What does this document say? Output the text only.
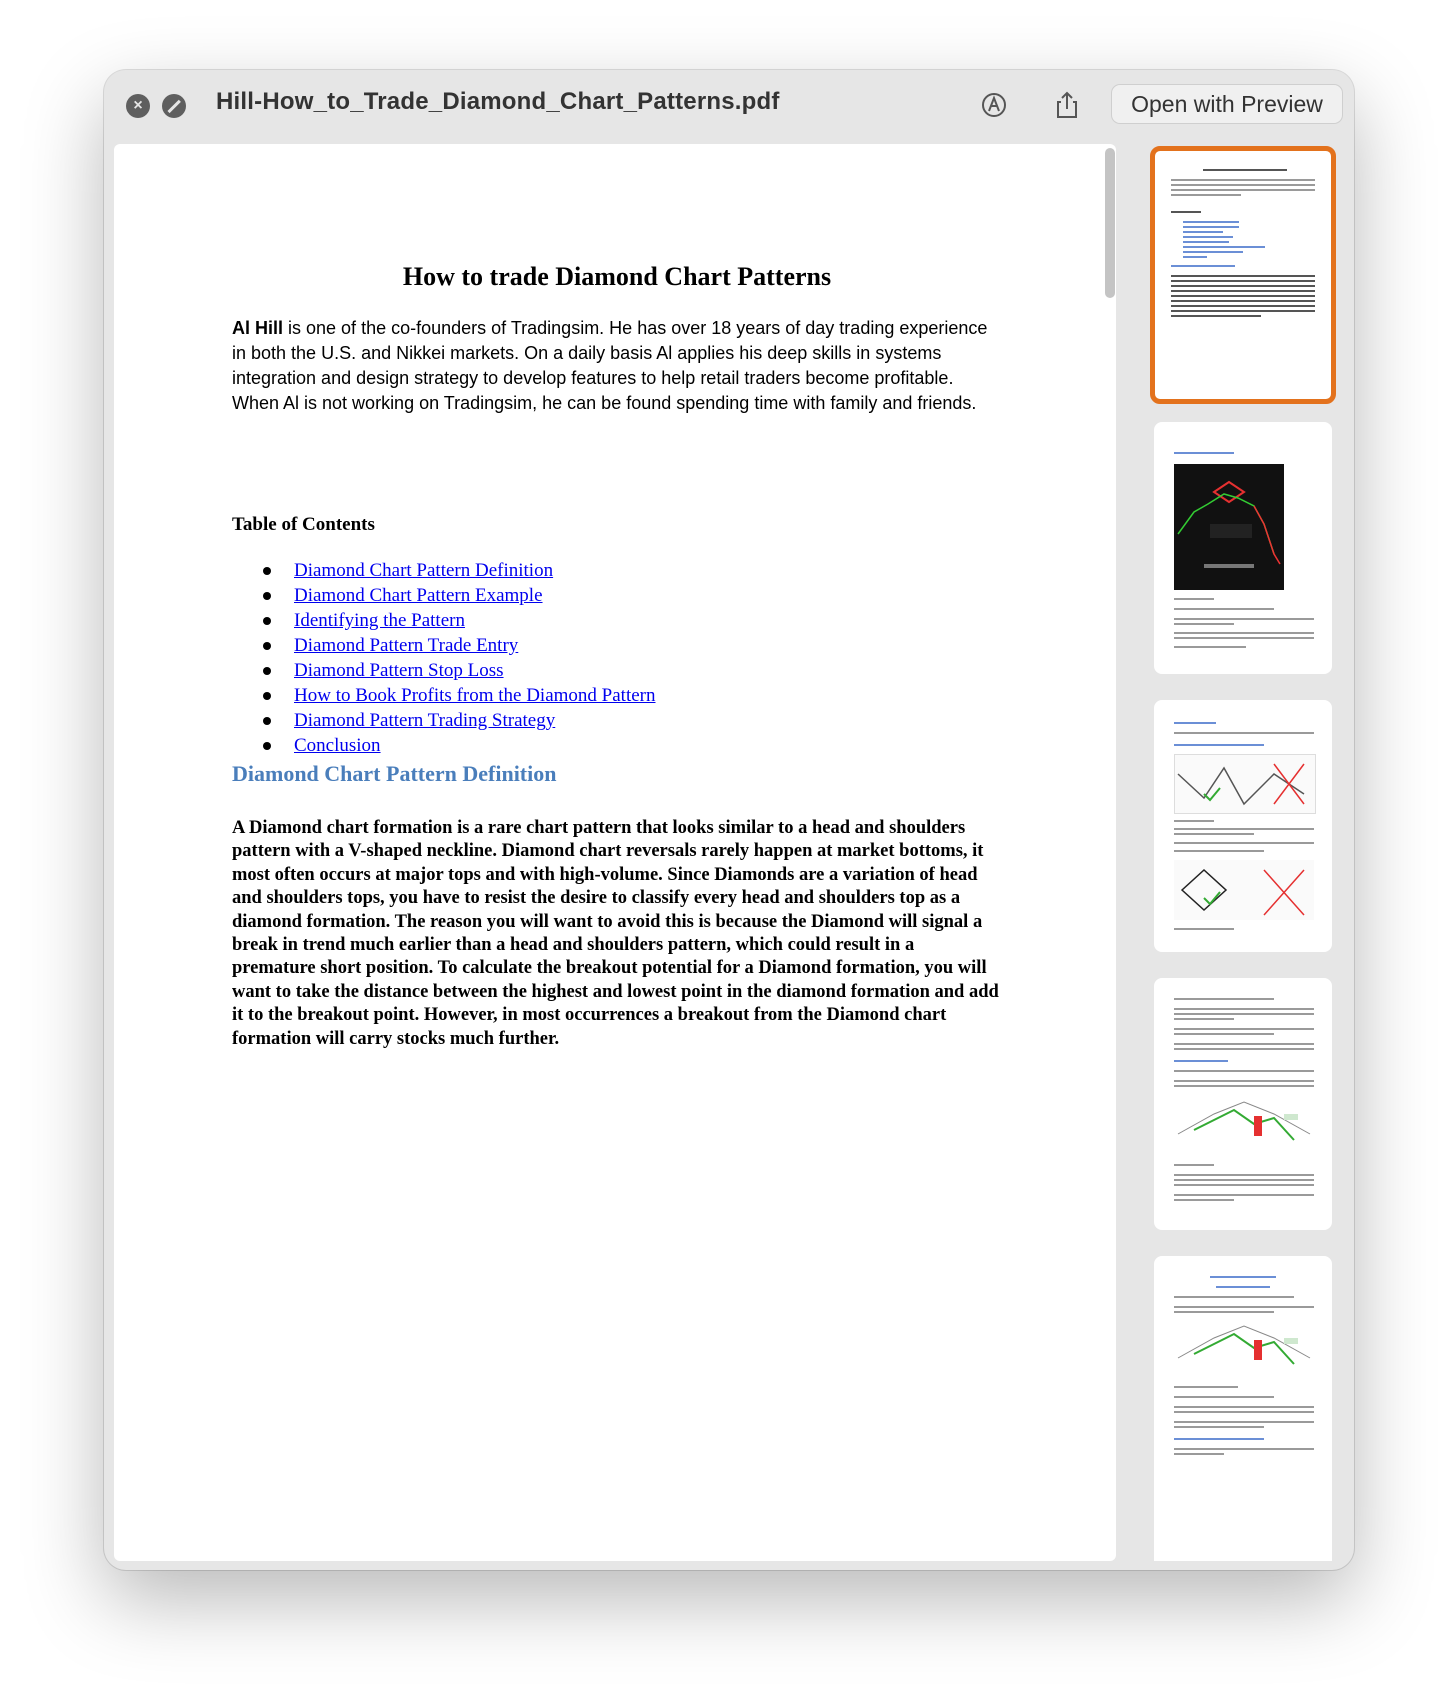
×	Hill-How_to_Trade_Diamond_Chart_Patterns.pdf	Open with Preview
How to trade Diamond Chart Patterns
Al Hill is one of the co-founders of Tradingsim. He has over 18 years of day trading experience in both the U.S. and Nikkei markets. On a daily basis Al applies his deep skills in systems integration and design strategy to develop features to help retail traders become profitable. When Al is not working on Tradingsim, he can be found spending time with family and friends.
Table of Contents
Diamond Chart Pattern Definition
Diamond Chart Pattern Example
Identifying the Pattern
Diamond Pattern Trade Entry
Diamond Pattern Stop Loss
How to Book Profits from the Diamond Pattern
Diamond Pattern Trading Strategy
Conclusion
Diamond Chart Pattern Definition
A Diamond chart formation is a rare chart pattern that looks similar to a head and shoulders pattern with a V-shaped neckline. Diamond chart reversals rarely happen at market bottoms, it most often occurs at major tops and with high-volume. Since Diamonds are a variation of head and shoulders tops, you have to resist the desire to classify every head and shoulders top as a diamond formation. The reason you will want to avoid this is because the Diamond will signal a break in trend much earlier than a head and shoulders pattern, which could result in a premature short position. To calculate the breakout potential for a Diamond formation, you will want to take the distance between the highest and lowest point in the diamond formation and add it to the breakout point. However, in most occurrences a breakout from the Diamond chart formation will carry stocks much further.
